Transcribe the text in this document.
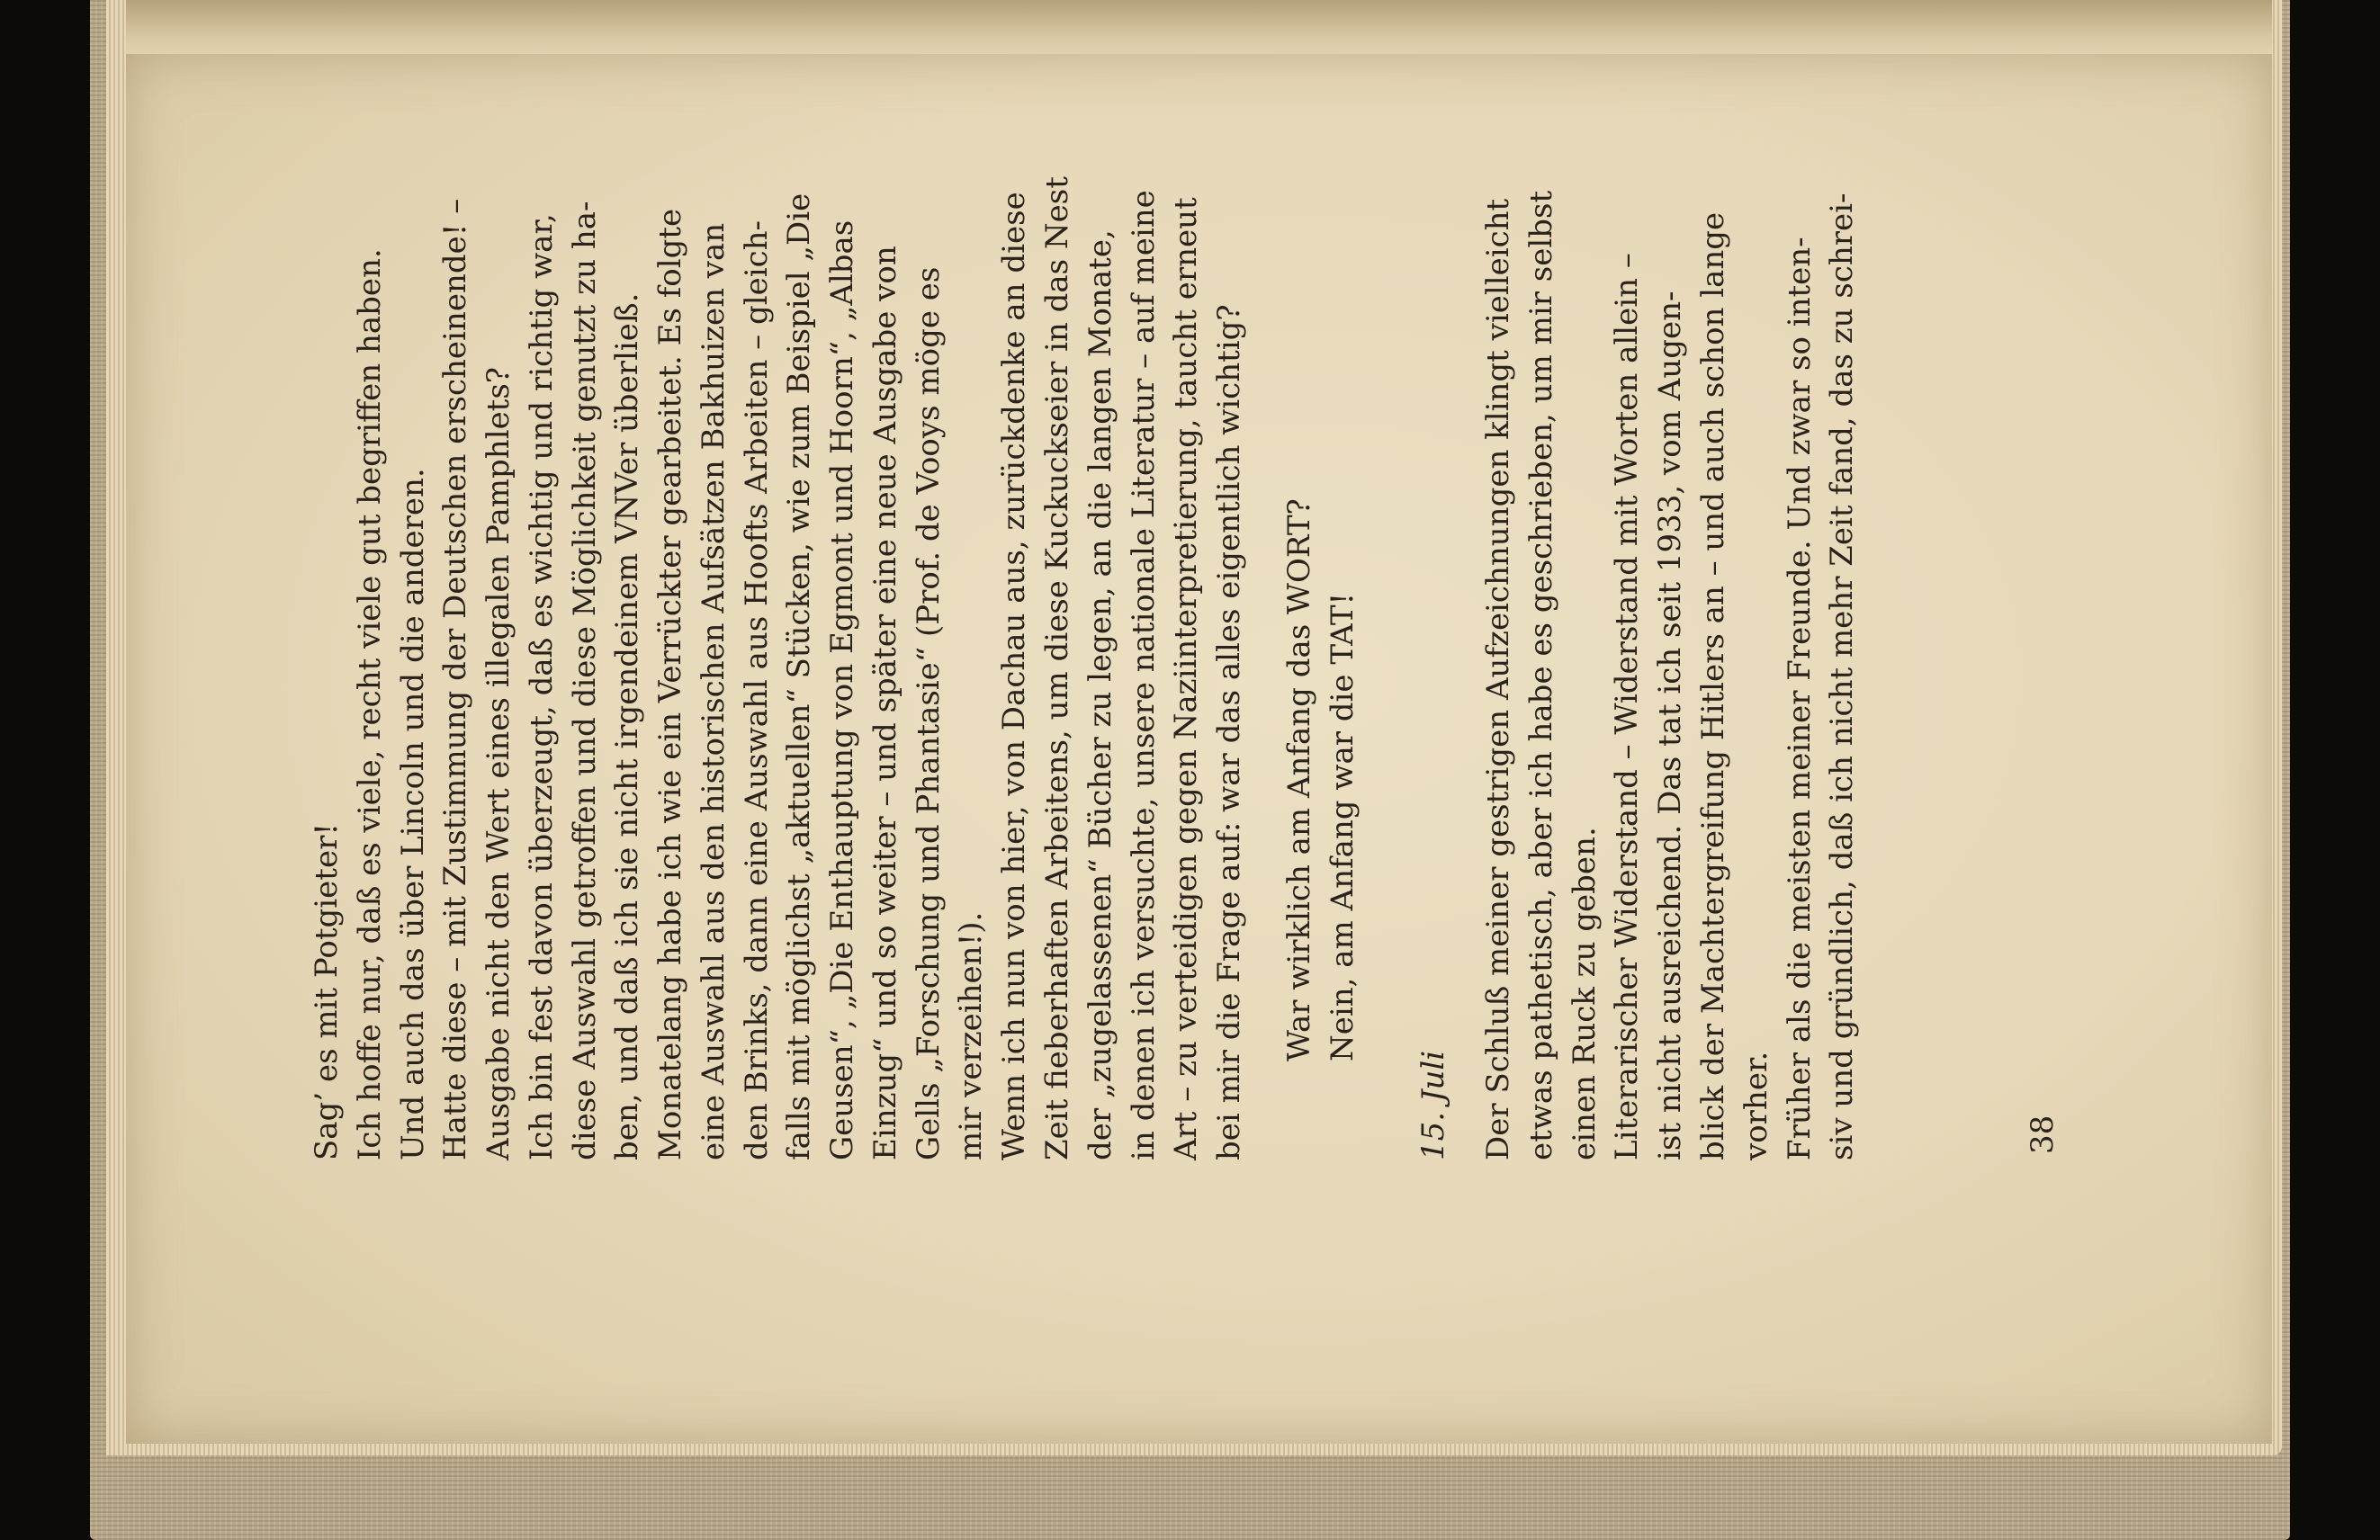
Sag’ es mit Potgieter! Ich hoffe nur, daß es viele, recht viele gut begriffen haben. Und auch das über Lincoln und die anderen. Hatte diese – mit Zustimmung der Deutschen erscheinende! – Ausgabe nicht den Wert eines illegalen Pamphlets? Ich bin fest davon überzeugt, daß es wichtig und richtig war, diese Auswahl getroffen und diese Möglichkeit genutzt zu ha- ben, und daß ich sie nicht irgendeinem VNVer überließ. Monatelang habe ich wie ein Verrückter gearbeitet. Es folgte eine Auswahl aus den historischen Aufsätzen Bakhuizen van den Brinks, dann eine Auswahl aus Hoofts Arbeiten – gleich- falls mit möglichst „aktuellen“ Stücken, wie zum Beispiel „Die Geusen“, „Die Enthauptung von Egmont und Hoorn“, „Albas Einzug“ und so weiter – und später eine neue Ausgabe von Gells „Forschung und Phantasie“ (Prof. de Vooys möge es mir verzeihen!). Wenn ich nun von hier, von Dachau aus, zurückdenke an diese Zeit fieberhaften Arbeitens, um diese Kuckuckseier in das Nest der „zugelassenen“ Bücher zu legen, an die langen Monate, in denen ich versuchte, unsere nationale Literatur – auf meine Art – zu verteidigen gegen Naziinterpretierung, taucht erneut bei mir die Frage auf: war das alles eigentlich wichtig? War wirklich am Anfang das WORT? Nein, am Anfang war die TAT!
15. Juli Der Schluß meiner gestrigen Aufzeichnungen klingt vielleicht etwas pathetisch, aber ich habe es geschrieben, um mir selbst einen Ruck zu geben. Literarischer Widerstand – Widerstand mit Worten allein – ist nicht ausreichend. Das tat ich seit 1933, vom Augen- blick der Machtergreifung Hitlers an – und auch schon lange vorher. Früher als die meisten meiner Freunde. Und zwar so inten- siv und gründlich, daß ich nicht mehr Zeit fand, das zu schrei-	38
